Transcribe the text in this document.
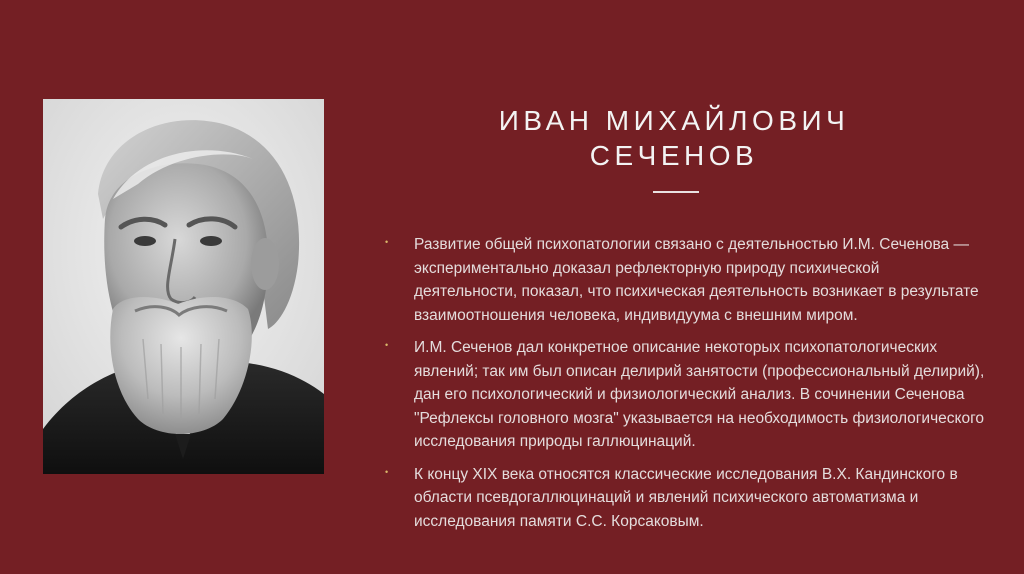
ИВАН МИХАЙЛОВИЧ
СЕЧЕНОВ
• Развитие общей психопатологии связано с деятельностью И.М. Сеченова — экспериментально доказал рефлекторную природу психической деятельности, показал, что психическая деятельность возникает в результате взаимоотношения человека, индивидуума с внешним миром.
• И.М. Сеченов дал конкретное описание некоторых психопатологических явлений; так им был описан делирий занятости (профессиональный делирий), дан его психологический и физиологический анализ. В сочинении Сеченова "Рефлексы головного мозга" указывается на необходимость физиологического исследования природы галлюцинаций.
• К концу XIX века относятся классические исследования В.Х. Кандинского в области псевдогаллюцинаций и явлений психического автоматизма и исследования памяти С.С. Корсаковым.
